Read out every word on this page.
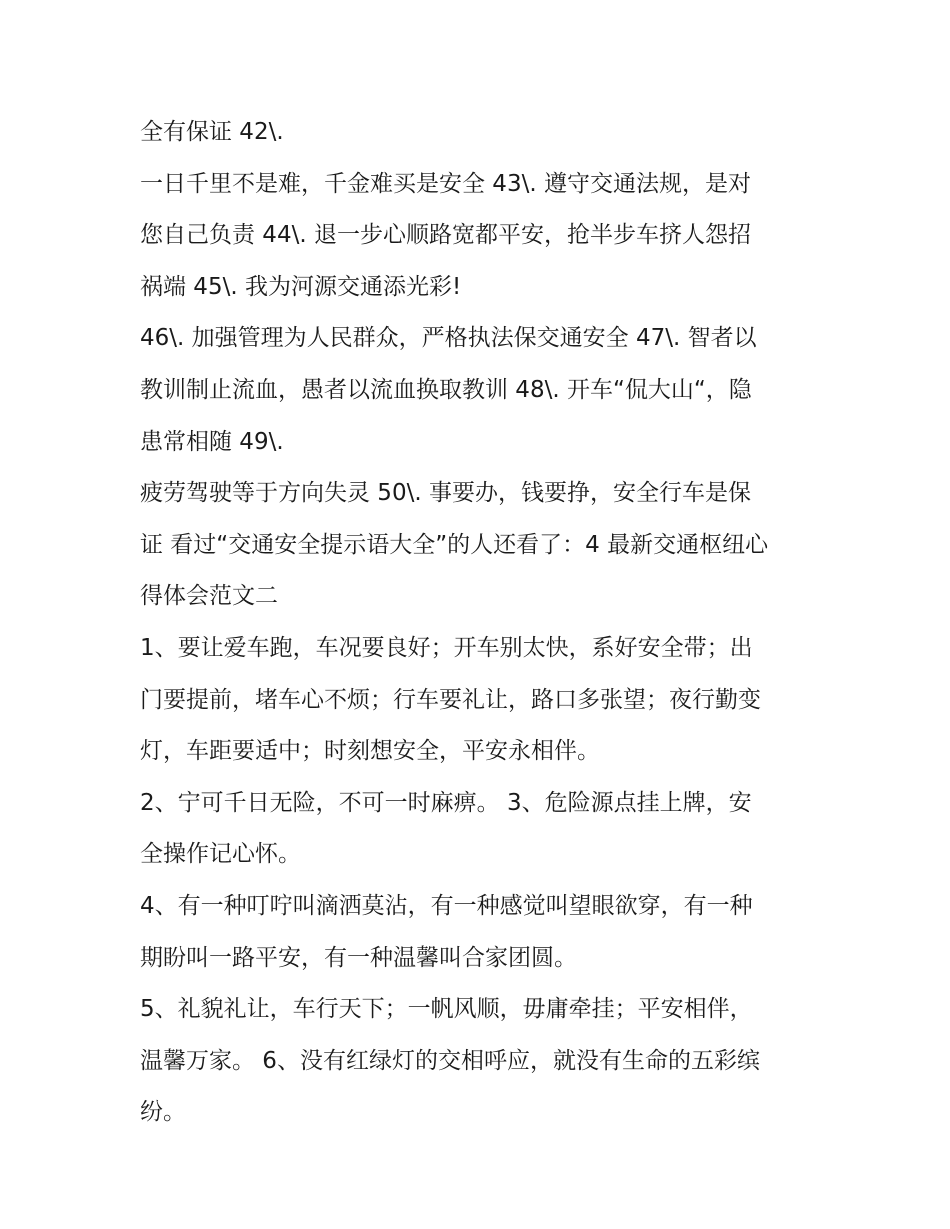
全有保证 42\.

一日千里不是难，千金难买是安全 43\. 遵守交通法规，是对
您自己负责 44\. 退一步心顺路宽都平安，抢半步车挤人怨招
祸端 45\. 我为河源交通添光彩!

46\. 加强管理为人民群众，严格执法保交通安全 47\. 智者以
教训制止流血，愚者以流血换取教训 48\. 开车“侃大山“，隐
患常相随 49\.

疲劳驾驶等于方向失灵 50\. 事要办，钱要挣，安全行车是保
证 看过“交通安全提示语大全”的人还看了：4 最新交通枢纽心
得体会范文二

1、要让爱车跑，车况要良好；开车别太快，系好安全带；出
门要提前，堵车心不烦；行车要礼让，路口多张望；夜行勤变
灯，车距要适中；时刻想安全，平安永相伴。

2、宁可千日无险，不可一时麻痹。 3、危险源点挂上牌，安
全操作记心怀。

4、有一种叮咛叫滴洒莫沾，有一种感觉叫望眼欲穿，有一种
期盼叫一路平安，有一种温馨叫合家团圆。

5、礼貌礼让，车行天下；一帆风顺，毋庸牵挂；平安相伴，
温馨万家。 6、没有红绿灯的交相呼应，就没有生命的五彩缤
纷。
